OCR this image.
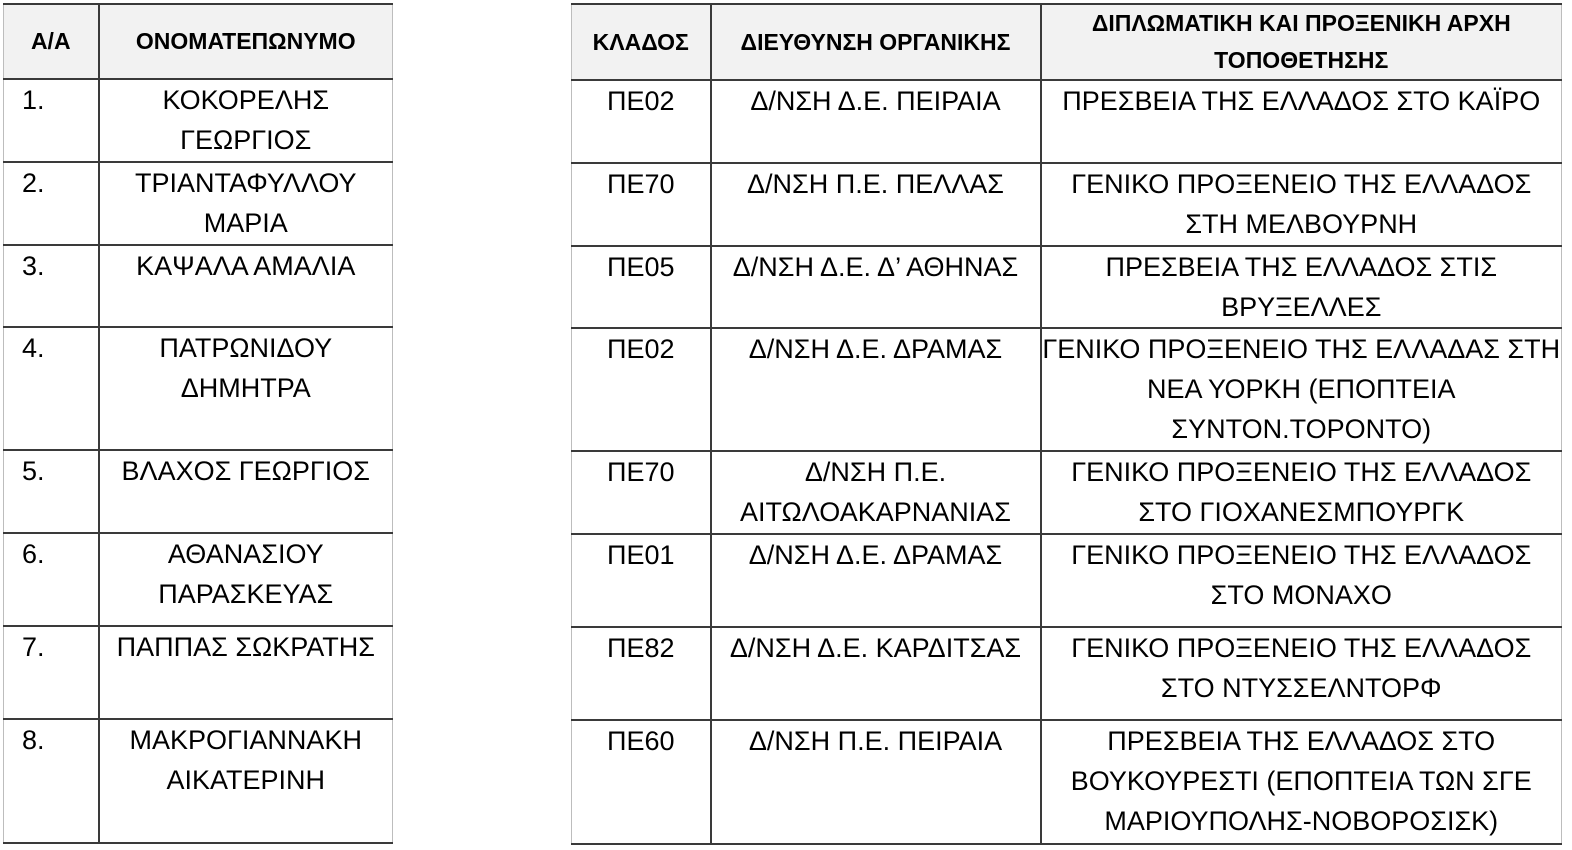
Α/Α	ΟΝΟΜΑΤΕΠΩΝΥΜΟ
1.	ΚΟΚΟΡΕΛΗΣ ΓΕΩΡΓΙΟΣ
2.	ΤΡΙΑΝΤΑΦΥΛΛΟΥ ΜΑΡΙΑ
3.	ΚΑΨΑΛΑ ΑΜΑΛΙΑ
4.	ΠΑΤΡΩΝΙΔΟΥ ΔΗΜΗΤΡΑ
5.	ΒΛΑΧΟΣ ΓΕΩΡΓΙΟΣ
6.	ΑΘΑΝΑΣΙΟΥ ΠΑΡΑΣΚΕΥΑΣ
7.	ΠΑΠΠΑΣ ΣΩΚΡΑΤΗΣ
8.	ΜΑΚΡΟΓΙΑΝΝΑΚΗ ΑΙΚΑΤΕΡΙΝΗ
ΚΛΑΔΟΣ	ΔΙΕΥΘΥΝΣΗ ΟΡΓΑΝΙΚΗΣ	ΔΙΠΛΩΜΑΤΙΚΗ ΚΑΙ ΠΡΟΞΕΝΙΚΗ ΑΡΧΗ ΤΟΠΟΘΕΤΗΣΗΣ
ΠΕ02	Δ/ΝΣΗ Δ.Ε. ΠΕΙΡΑΙΑ	ΠΡΕΣΒΕΙΑ ΤΗΣ ΕΛΛΑΔΟΣ ΣΤΟ ΚΑΪΡΟ
ΠΕ70	Δ/ΝΣΗ Π.Ε. ΠΕΛΛΑΣ	ΓΕΝΙΚΟ ΠΡΟΞΕΝΕΙΟ ΤΗΣ ΕΛΛΑΔΟΣ ΣΤΗ ΜΕΛΒΟΥΡΝΗ
ΠΕ05	Δ/ΝΣΗ Δ.Ε. Δ’ ΑΘΗΝΑΣ	ΠΡΕΣΒΕΙΑ ΤΗΣ ΕΛΛΑΔΟΣ ΣΤΙΣ ΒΡΥΞΕΛΛΕΣ
ΠΕ02	Δ/ΝΣΗ Δ.Ε. ΔΡΑΜΑΣ	ΓΕΝΙΚΟ ΠΡΟΞΕΝΕΙΟ ΤΗΣ ΕΛΛΑΔΑΣ ΣΤΗ ΝΕΑ ΥΟΡΚΗ (ΕΠΟΠΤΕΙΑ ΣΥΝΤΟΝ.ΤΟΡΟΝΤΟ)
ΠΕ70	Δ/ΝΣΗ Π.Ε. ΑΙΤΩΛΟΑΚΑΡΝΑΝΙΑΣ	ΓΕΝΙΚΟ ΠΡΟΞΕΝΕΙΟ ΤΗΣ ΕΛΛΑΔΟΣ ΣΤΟ ΓΙΟΧΑΝΕΣΜΠΟΥΡΓΚ
ΠΕ01	Δ/ΝΣΗ Δ.Ε. ΔΡΑΜΑΣ	ΓΕΝΙΚΟ ΠΡΟΞΕΝΕΙΟ ΤΗΣ ΕΛΛΑΔΟΣ ΣΤΟ ΜΟΝΑΧΟ
ΠΕ82	Δ/ΝΣΗ Δ.Ε. ΚΑΡΔΙΤΣΑΣ	ΓΕΝΙΚΟ ΠΡΟΞΕΝΕΙΟ ΤΗΣ ΕΛΛΑΔΟΣ ΣΤΟ ΝΤΥΣΣΕΛΝΤΟΡΦ
ΠΕ60	Δ/ΝΣΗ Π.Ε. ΠΕΙΡΑΙΑ	ΠΡΕΣΒΕΙΑ ΤΗΣ ΕΛΛΑΔΟΣ ΣΤΟ ΒΟΥΚΟΥΡΕΣΤΙ (ΕΠΟΠΤΕΙΑ ΤΩΝ ΣΓΕ ΜΑΡΙΟΥΠΟΛΗΣ-ΝΟΒΟΡΟΣΙΣΚ)
